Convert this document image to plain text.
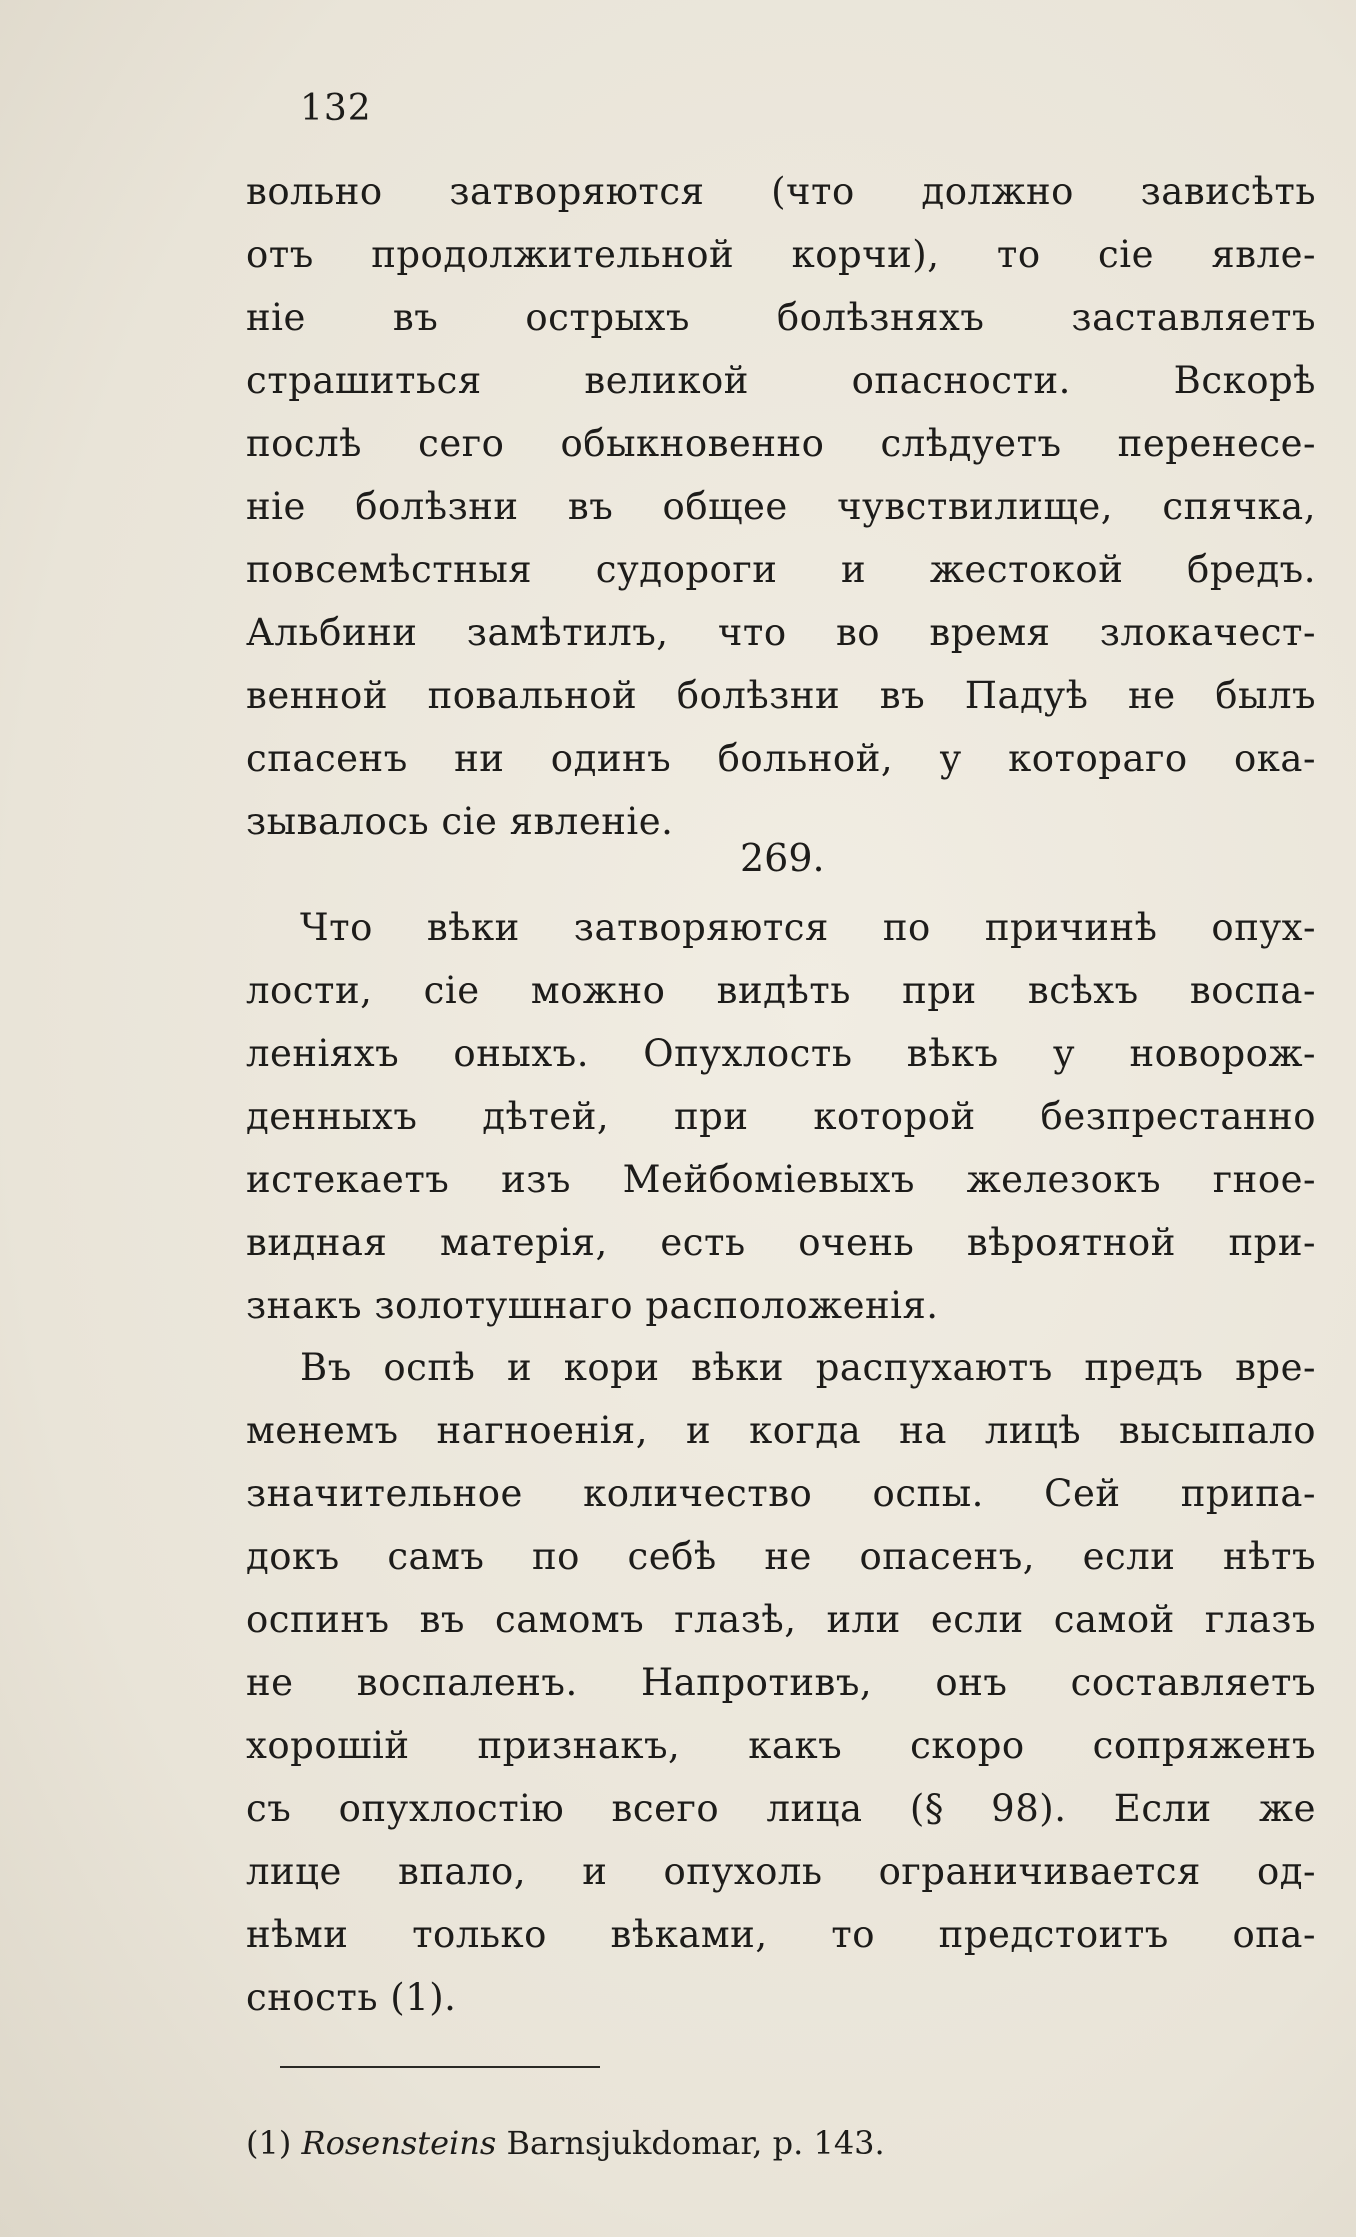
132
вольно затворяются (что должно зависѣть
отъ продолжительной корчи), то сіе явле-
ніе въ острыхъ болѣзняхъ заставляетъ
страшиться великой опасности. Вскорѣ
послѣ сего обыкновенно слѣдуетъ перенесе-
ніе болѣзни въ общее чувствилище, спячка,
повсемѣстныя судороги и жестокой бредъ.
Альбини замѣтилъ, что во время злокачест-
венной повальной болѣзни въ Падуѣ не былъ
спасенъ ни одинъ больной, у котораго ока-
зывалось сіе явленіе.
Что вѣки затворяются по причинѣ опух-
лости, сіе можно видѣть при всѣхъ воспа-
леніяхъ оныхъ. Опухлость вѣкъ у новорож-
денныхъ дѣтей, при которой безпрестанно
истекаетъ изъ Мейбоміевыхъ железокъ гное-
видная матерія, есть очень вѣроятной при-
знакъ золотушнаго расположенія.
Въ оспѣ и кори вѣки распухаютъ предъ вре-
менемъ нагноенія, и когда на лицѣ высыпало
значительное количество оспы. Сей припа-
докъ самъ по себѣ не опасенъ, если нѣтъ
оспинъ въ самомъ глазѣ, или если самой глазъ
не воспаленъ. Напротивъ, онъ составляетъ
хорошій признакъ, какъ скоро сопряженъ
съ опухлостію всего лица (§ 98). Если же
лице впало, и опухоль ограничивается од-
нѣми только вѣками, то предстоитъ опа-
сность (1).
269.
(1) Rosensteins Barnsjukdomar, p. 143.
